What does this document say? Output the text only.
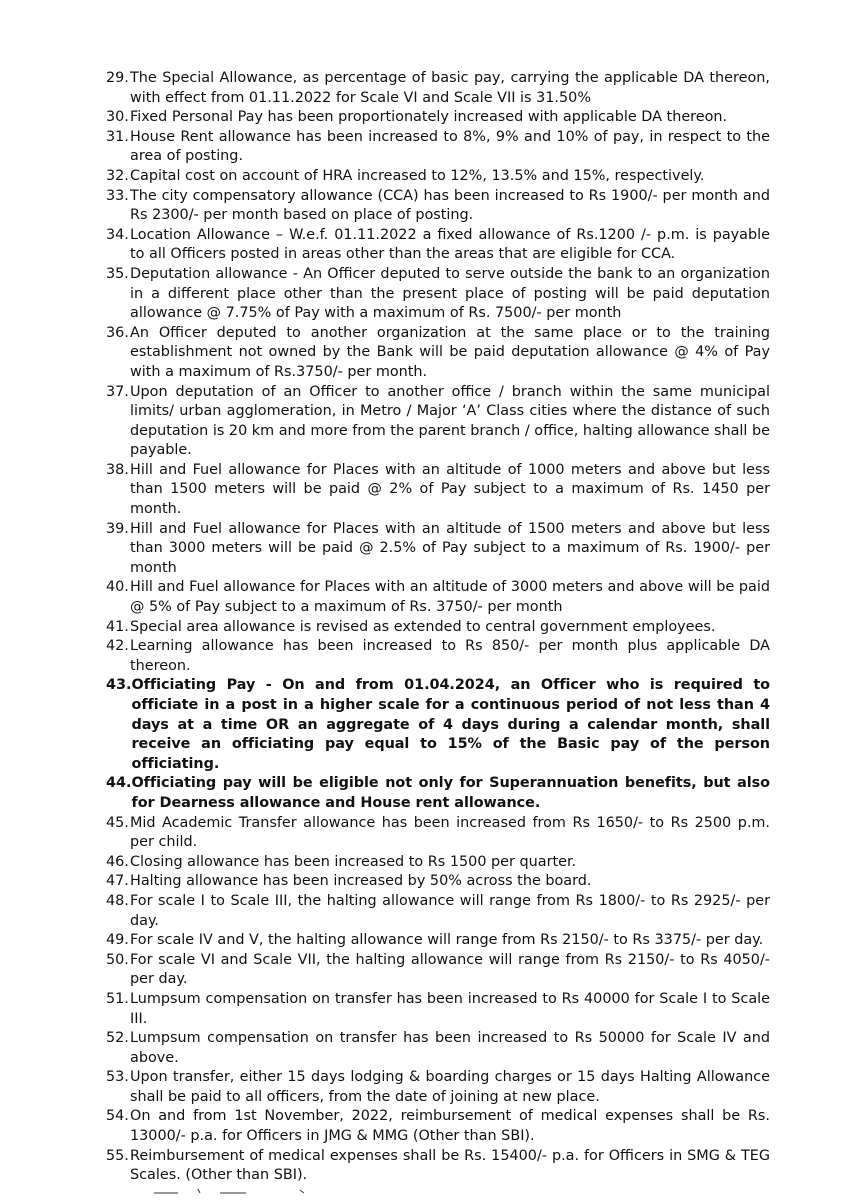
29. The Special Allowance, as percentage of basic pay, carrying the applicable DA thereon, with effect from 01.11.2022 for Scale VI and Scale VII is 31.50%
30. Fixed Personal Pay has been proportionately increased with applicable DA thereon.
31. House Rent allowance has been increased to 8%, 9% and 10% of pay, in respect to the area of posting.
32. Capital cost on account of HRA increased to 12%, 13.5% and 15%, respectively.
33. The city compensatory allowance (CCA) has been increased to Rs 1900/- per month and Rs 2300/- per month based on place of posting.
34. Location Allowance – W.e.f. 01.11.2022 a fixed allowance of Rs.1200 /- p.m. is payable to all Officers posted in areas other than the areas that are eligible for CCA.
35. Deputation allowance - An Officer deputed to serve outside the bank to an organization in a different place other than the present place of posting will be paid deputation allowance @ 7.75% of Pay with a maximum of Rs. 7500/- per month
36. An Officer deputed to another organization at the same place or to the training establishment not owned by the Bank will be paid deputation allowance @ 4% of Pay with a maximum of Rs.3750/- per month.
37. Upon deputation of an Officer to another office / branch within the same municipal limits/ urban agglomeration, in Metro / Major ‘A’ Class cities where the distance of such deputation is 20 km and more from the parent branch / office, halting allowance shall be payable.
38. Hill and Fuel allowance for Places with an altitude of 1000 meters and above but less than 1500 meters will be paid @ 2% of Pay subject to a maximum of Rs. 1450 per month.
39. Hill and Fuel allowance for Places with an altitude of 1500 meters and above but less than 3000 meters will be paid @ 2.5% of Pay subject to a maximum of Rs. 1900/- per month
40. Hill and Fuel allowance for Places with an altitude of 3000 meters and above will be paid @ 5% of Pay subject to a maximum of Rs. 3750/- per month
41. Special area allowance is revised as extended to central government employees.
42. Learning allowance has been increased to Rs 850/- per month plus applicable DA thereon.
43. Officiating Pay - On and from 01.04.2024, an Officer who is required to officiate in a post in a higher scale for a continuous period of not less than 4 days at a time OR an aggregate of 4 days during a calendar month, shall receive an officiating pay equal to 15% of the Basic pay of the person officiating.
44. Officiating pay will be eligible not only for Superannuation benefits, but also for Dearness allowance and House rent allowance.
45. Mid Academic Transfer allowance has been increased from Rs 1650/- to Rs 2500 p.m. per child.
46. Closing allowance has been increased to Rs 1500 per quarter.
47. Halting allowance has been increased by 50% across the board.
48. For scale I to Scale III, the halting allowance will range from Rs 1800/- to Rs 2925/- per day.
49. For scale IV and V, the halting allowance will range from Rs 2150/- to Rs 3375/- per day.
50. For scale VI and Scale VII, the halting allowance will range from Rs 2150/- to Rs 4050/- per day.
51. Lumpsum compensation on transfer has been increased to Rs 40000 for Scale I to Scale III.
52. Lumpsum compensation on transfer has been increased to Rs 50000 for Scale IV and above.
53. Upon transfer, either 15 days lodging & boarding charges or 15 days Halting Allowance shall be paid to all officers, from the date of joining at new place.
54. On and from 1st November, 2022, reimbursement of medical expenses shall be Rs. 13000/- p.a. for Officers in JMG & MMG (Other than SBI).
55. Reimbursement of medical expenses shall be Rs. 15400/- p.a. for Officers in SMG & TEG Scales. (Other than SBI).
